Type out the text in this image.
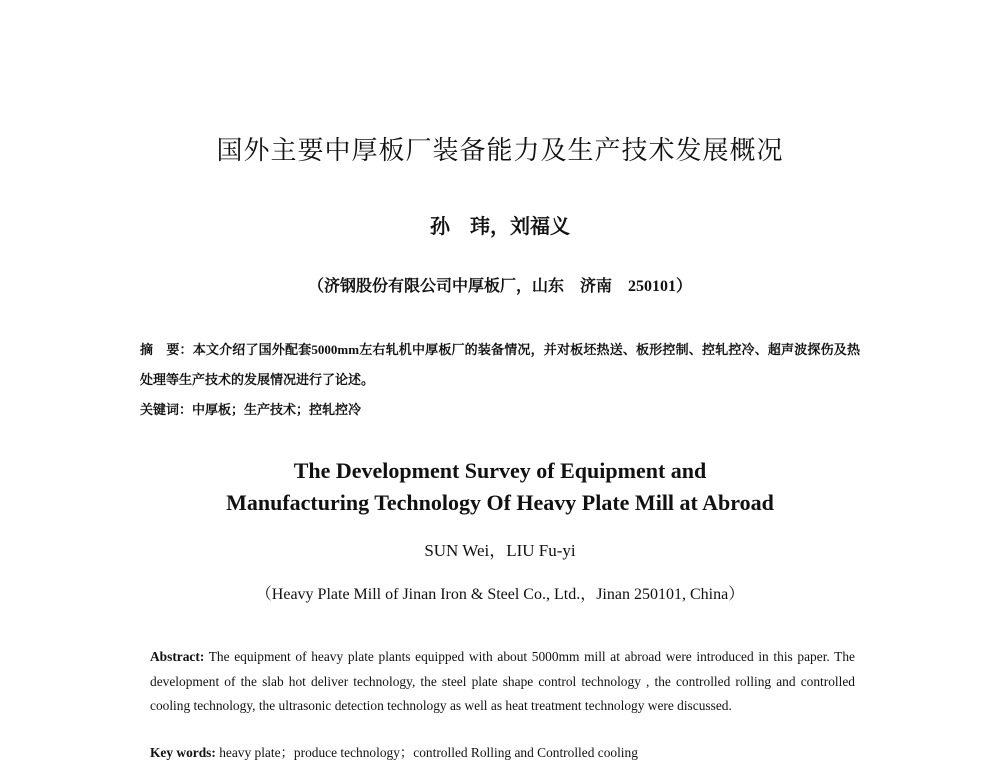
国外主要中厚板厂装备能力及生产技术发展概况
孙　玮，刘福义
（济钢股份有限公司中厚板厂，山东　济南　250101）
摘　要：本文介绍了国外配套5000mm左右轧机中厚板厂的装备情况，并对板坯热送、板形控制、控轧控冷、超声波探伤及热处理等生产技术的发展情况进行了论述。
关键词：中厚板；生产技术；控轧控冷
The Development Survey of Equipment and
Manufacturing Technology Of Heavy Plate Mill at Abroad
SUN Wei，LIU Fu-yi
（Heavy Plate Mill of Jinan Iron & Steel Co., Ltd.，Jinan 250101, China）
Abstract: The equipment of heavy plate plants equipped with about 5000mm mill at abroad were introduced in this paper. The development of the slab hot deliver technology, the steel plate shape control technology , the controlled rolling and controlled cooling technology, the ultrasonic detection technology as well as heat treatment technology were discussed.
Key words: heavy plate；produce technology；controlled Rolling and Controlled cooling
